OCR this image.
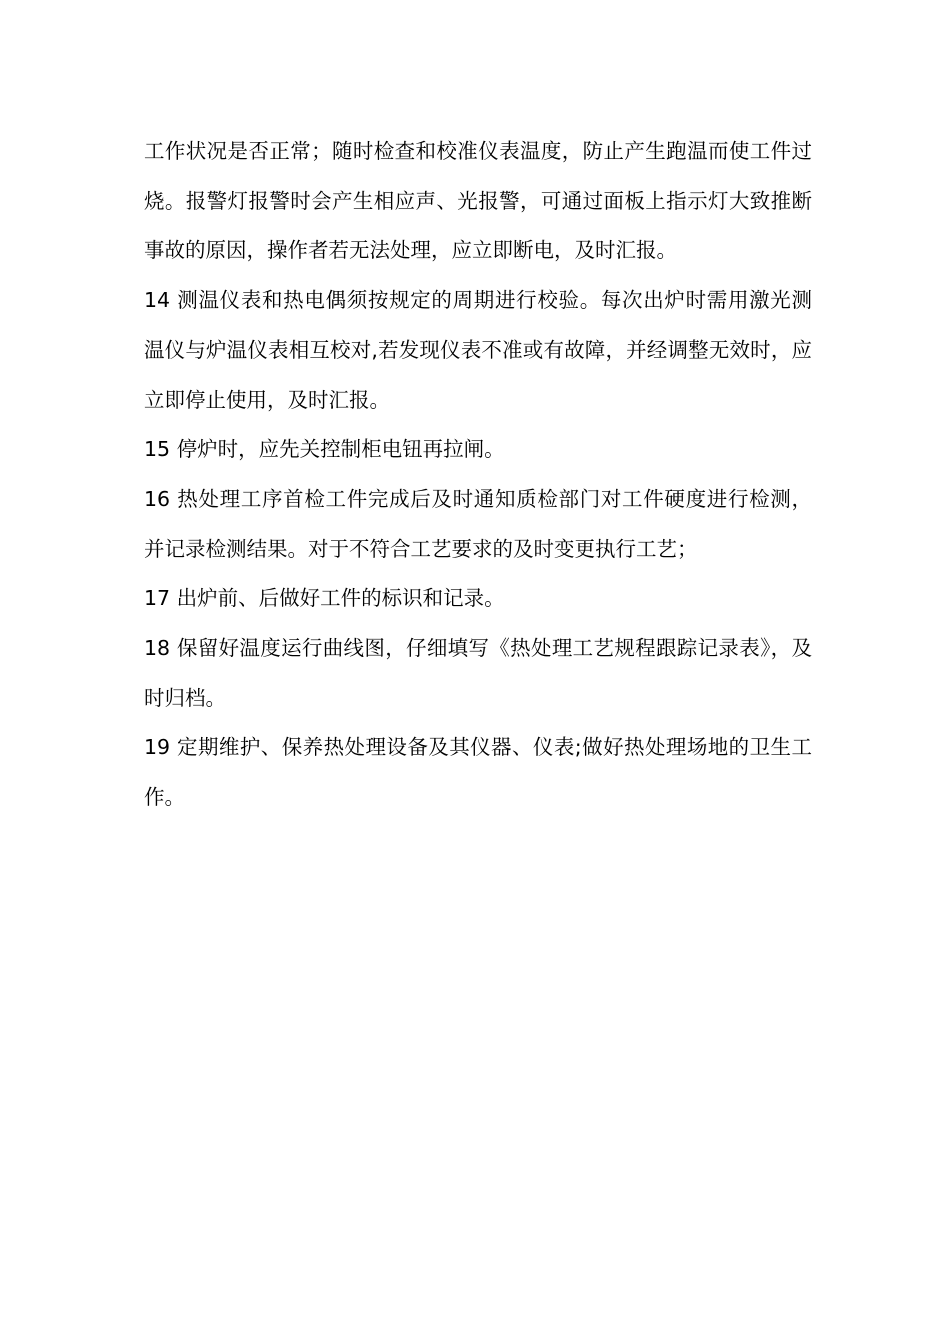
工作状况是否正常；随时检查和校准仪表温度，防止产生跑温而使工件过烧。报警灯报警时会产生相应声、光报警，可通过面板上指示灯大致推断事故的原因，操作者若无法处理，应立即断电，及时汇报。

14 测温仪表和热电偶须按规定的周期进行校验。每次出炉时需用激光测温仪与炉温仪表相互校对,若发现仪表不准或有故障，并经调整无效时，应立即停止使用，及时汇报。

15 停炉时，应先关控制柜电钮再拉闸。

16 热处理工序首检工件完成后及时通知质检部门对工件硬度进行检测，并记录检测结果。对于不符合工艺要求的及时变更执行工艺；

17 出炉前、后做好工件的标识和记录。

18 保留好温度运行曲线图，仔细填写《热处理工艺规程跟踪记录表》，及时归档。

19 定期维护、保养热处理设备及其仪器、仪表;做好热处理场地的卫生工作。
